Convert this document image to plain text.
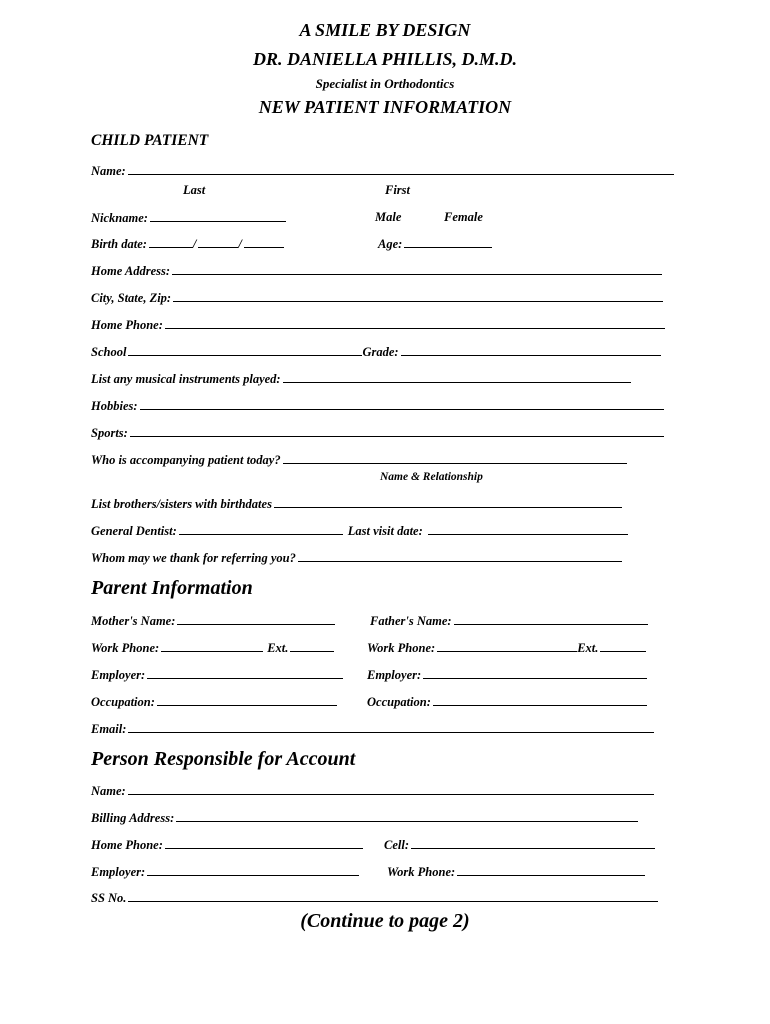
A SMILE BY DESIGN
DR. DANIELLA PHILLIS, D.M.D.
Specialist in Orthodontics
NEW PATIENT INFORMATION
CHILD PATIENT
Name:
Last	First
Nickname:	Male	Female
Birth date:	/	/	Age:
Home Address:
City, State, Zip:
Home Phone:
School	Grade:
List any musical instruments played:
Hobbies:
Sports:
Who is accompanying patient today?
Name & Relationship
List brothers/sisters with birthdates
General Dentist:	Last visit date:
Whom may we thank for referring you?
Parent Information
Mother's Name:	Father's Name:
Work Phone:	Ext.	Work Phone:	Ext.
Employer:	Employer:
Occupation:	Occupation:
Email:
Person Responsible for Account
Name:
Billing Address:
Home Phone:	Cell:
Employer:	Work Phone:
SS No.
(Continue to page 2)
